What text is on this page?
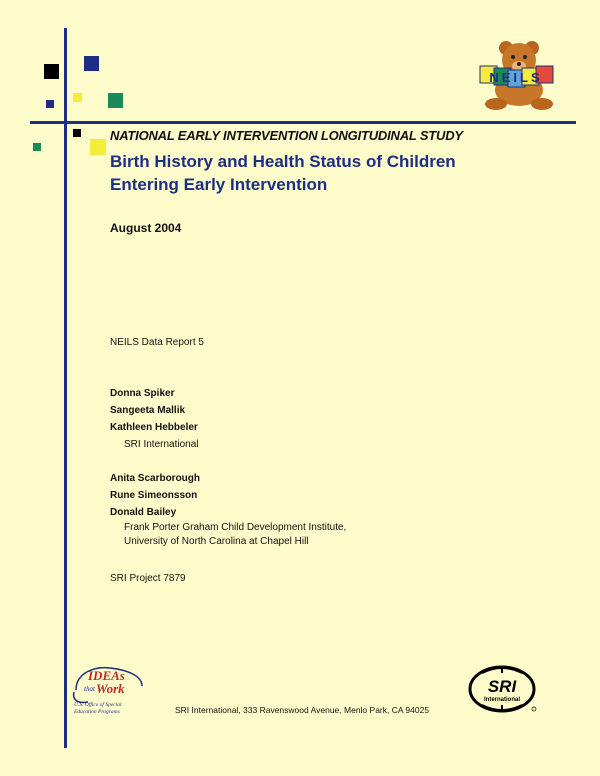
NATIONAL EARLY INTERVENTION LONGITUDINAL STUDY
Birth History and Health Status of Children
Entering Early Intervention
August 2004
NEILS Data Report 5
Donna Spiker
Sangeeta Mallik
Kathleen Hebbeler
SRI International
Anita Scarborough
Rune Simeonsson
Donald Bailey
Frank Porter Graham Child Development Institute,
University of North Carolina at Chapel Hill
SRI Project 7879
NEILS
IDEAs
that Work
U.S. Office of Special
Education Programs	SRI International, 333 Ravenswood Avenue, Menlo Park, CA 94025
SRI
International
